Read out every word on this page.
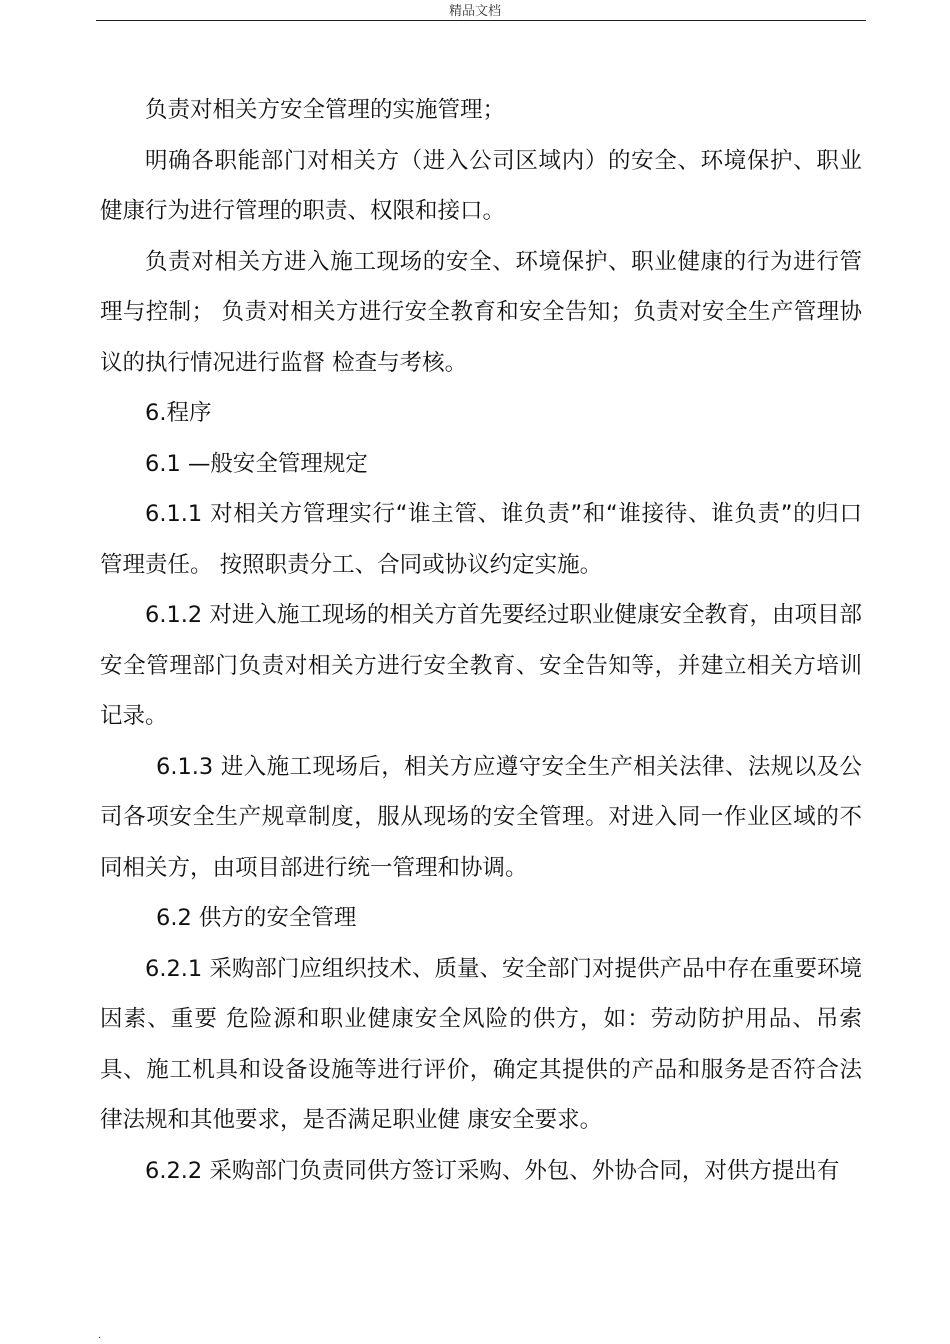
精品文档

负责对相关方安全管理的实施管理；

明确各职能部门对相关方（进入公司区域内）的安全、环境保护、职业健康行为进行管理的职责、权限和接口。

负责对相关方进入施工现场的安全、环境保护、职业健康的行为进行管理与控制； 负责对相关方进行安全教育和安全告知；负责对安全生产管理协议的执行情况进行监督 检查与考核。

6.程序

6.1 —般安全管理规定

6.1.1 对相关方管理实行“谁主管、谁负责”和“谁接待、谁负责”的归口管理责任。 按照职责分工、合同或协议约定实施。

6.1.2 对进入施工现场的相关方首先要经过职业健康安全教育，由项目部安全管理部门负责对相关方进行安全教育、安全告知等，并建立相关方培训记录。

6.1.3 进入施工现场后，相关方应遵守安全生产相关法律、法规以及公司各项安全生产规章制度，服从现场的安全管理。对进入同一作业区域的不同相关方，由项目部进行统一管理和协调。

6.2 供方的安全管理

6.2.1 采购部门应组织技术、质量、安全部门对提供产品中存在重要环境因素、重要 危险源和职业健康安全风险的供方，如：劳动防护用品、吊索具、施工机具和设备设施等进行评价，确定其提供的产品和服务是否符合法律法规和其他要求，是否满足职业健 康安全要求。

6.2.2 采购部门负责同供方签订采购、外包、外协合同，对供方提出有

.
